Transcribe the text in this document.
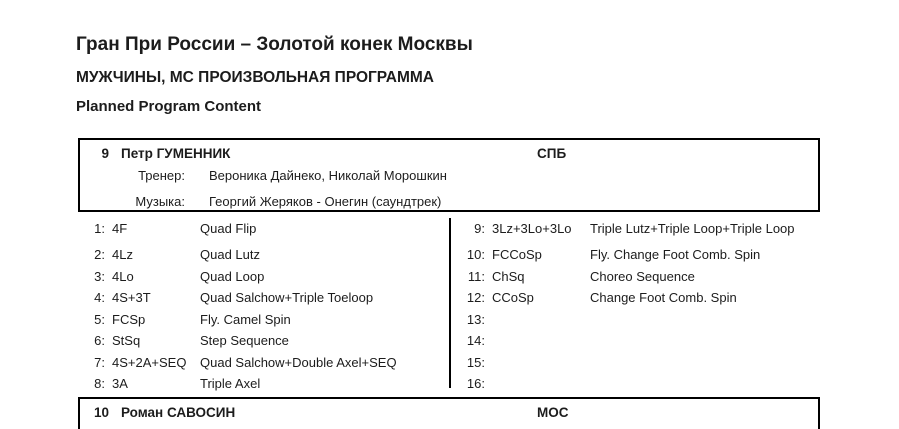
Гран При России – Золотой конек Москвы
МУЖЧИНЫ, МС ПРОИЗВОЛЬНАЯ ПРОГРАММА
Planned Program Content
9 Петр ГУМЕННИК	СПБ
Тренер: Вероника Дайнеко, Николай Морошкин
Музыка: Георгий Жеряков - Онегин (саундтрек)
1: 4F	Quad Flip
2: 4Lz	Quad Lutz
3: 4Lo	Quad Loop
4: 4S+3T	Quad Salchow+Triple Toeloop
5: FCSp	Fly. Camel Spin
6: StSq	Step Sequence
7: 4S+2A+SEQ Quad Salchow+Double Axel+SEQ
8: 3A	Triple Axel
9: 3Lz+3Lo+3Lo Triple Lutz+Triple Loop+Triple Loop
10: FCCoSp	Fly. Change Foot Comb. Spin
11: ChSq	Choreo Sequence
12: CCoSp	Change Foot Comb. Spin
13:
14:
15:
16:
10 Роман САВОСИН	МОС
